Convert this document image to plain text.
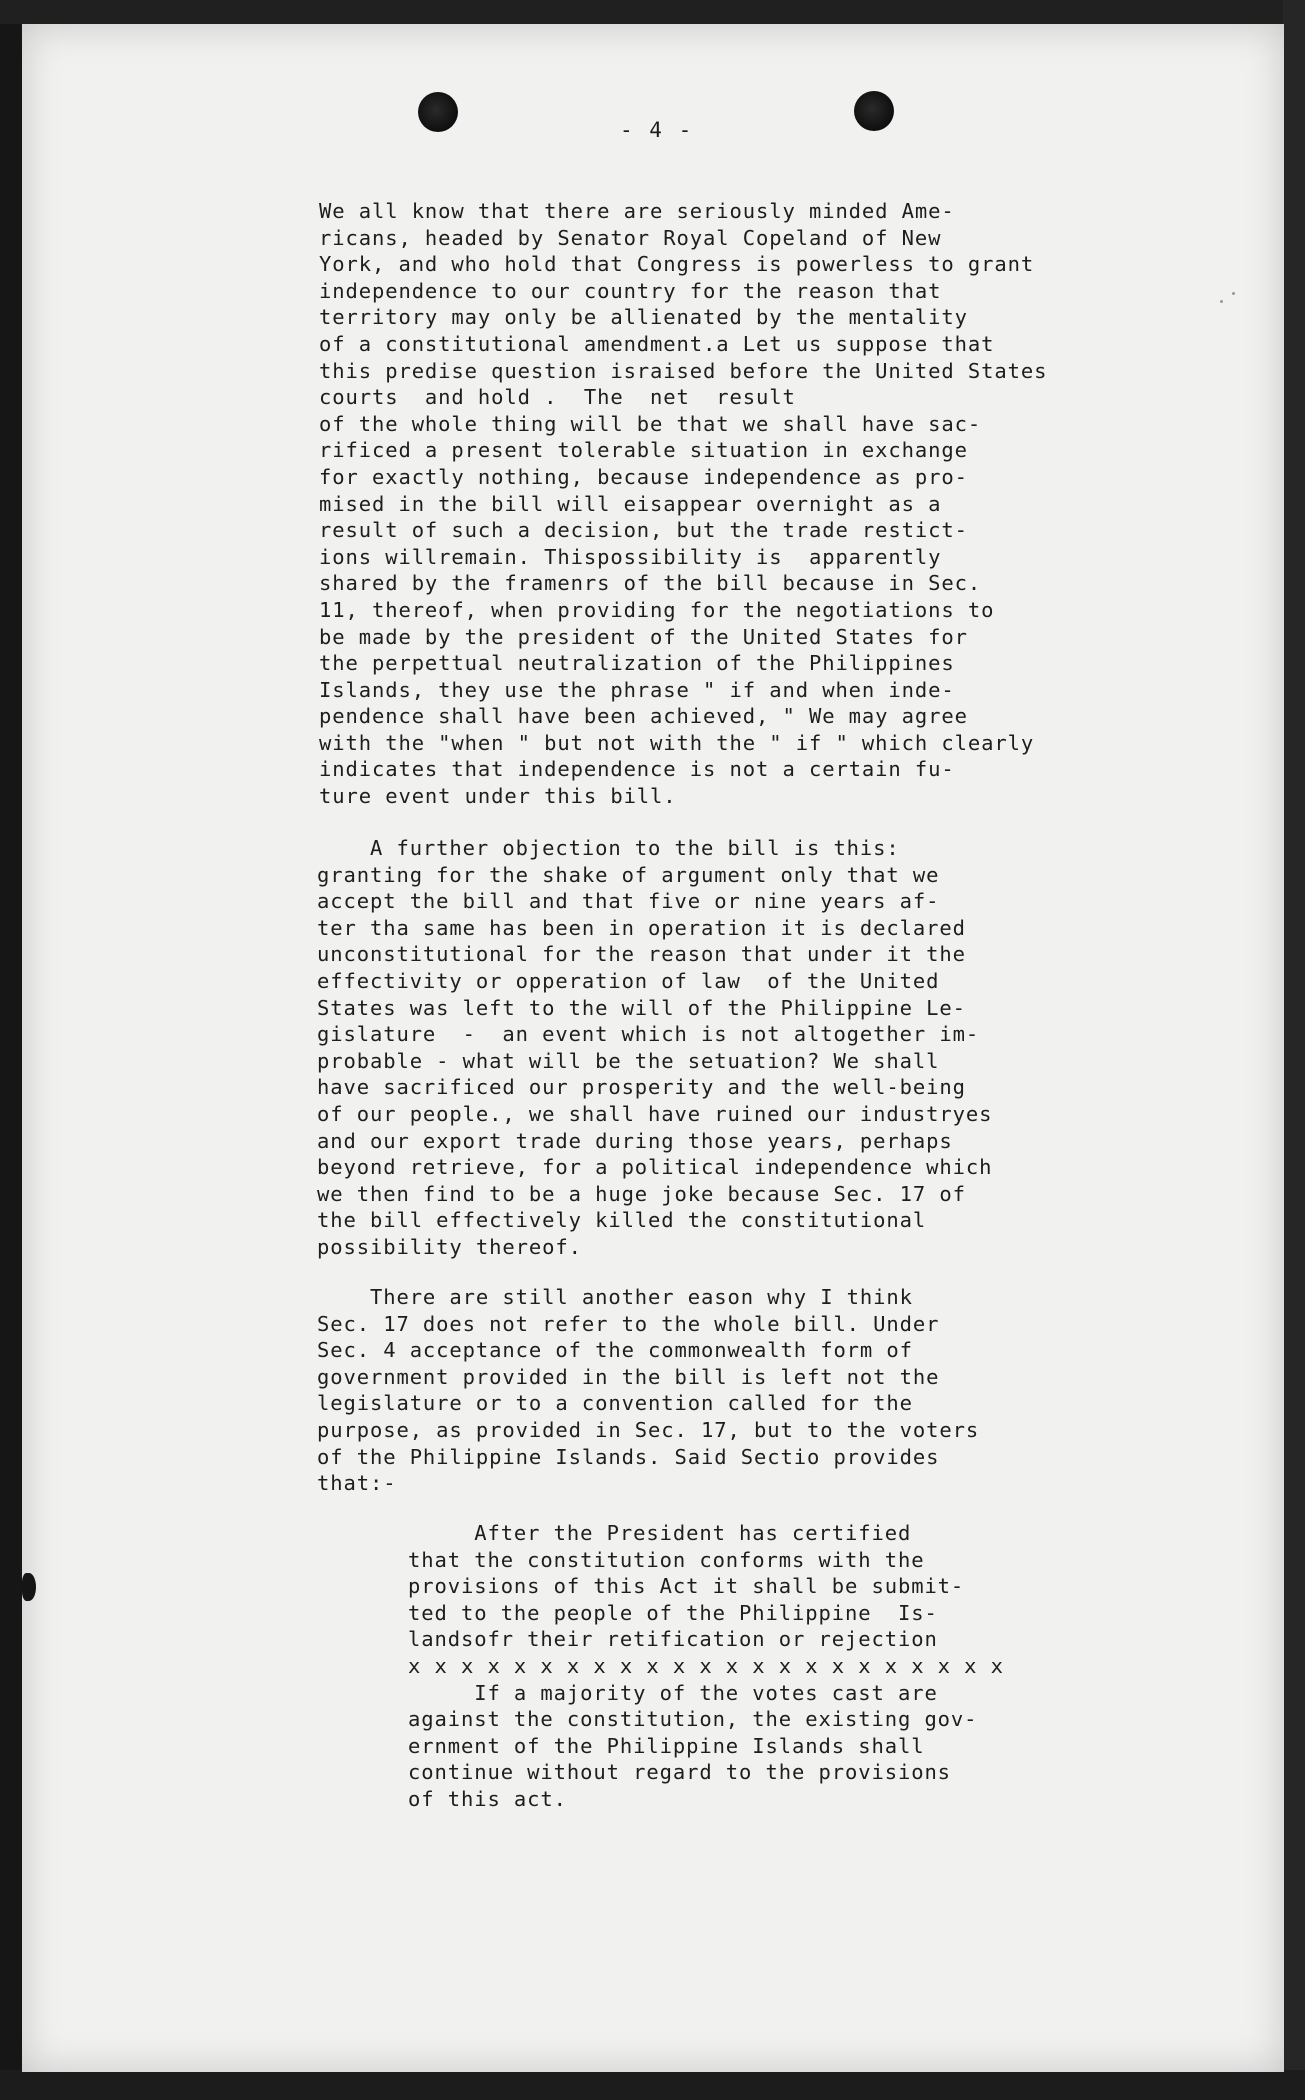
- 4 -
We all know that there are seriously minded Ame-
ricans, headed by Senator Royal Copeland of New
York, and who hold that Congress is powerless to grant
independence to our country for the reason that
territory may only be allienated by the mentality
of a constitutional amendment.a Let us suppose that
this predise question israised before the United States
courts  and hold .  The  net  result
of the whole thing will be that we shall have sac-
rificed a present tolerable situation in exchange
for exactly nothing, because independence as pro-
mised in the bill will eisappear overnight as a
result of such a decision, but the trade restict-
ions willremain. Thispossibility is  apparently
shared by the framenrs of the bill because in Sec.
11, thereof, when providing for the negotiations to
be made by the president of the United States for
the perpettual neutralization of the Philippines
Islands, they use the phrase " if and when inde-
pendence shall have been achieved, " We may agree
with the "when " but not with the " if " which clearly
indicates that independence is not a certain fu-
ture event under this bill.
A further objection to the bill is this:
granting for the shake of argument only that we
accept the bill and that five or nine years af-
ter tha same has been in operation it is declared
unconstitutional for the reason that under it the
effectivity or opperation of law  of the United
States was left to the will of the Philippine Le-
gislature  -  an event which is not altogether im-
probable - what will be the setuation? We shall
have sacrificed our prosperity and the well-being
of our people., we shall have ruined our industryes
and our export trade during those years, perhaps
beyond retrieve, for a political independence which
we then find to be a huge joke because Sec. 17 of
the bill effectively killed the constitutional
possibility thereof.
There are still another eason why I think
Sec. 17 does not refer to the whole bill. Under
Sec. 4 acceptance of the commonwealth form of
government provided in the bill is left not the
legislature or to a convention called for the
purpose, as provided in Sec. 17, but to the voters
of the Philippine Islands. Said Sectio provides
that:-
After the President has certified
that the constitution conforms with the
provisions of this Act it shall be submit-
ted to the people of the Philippine  Is-
landsofr their retification or rejection
x x x x x x x x x x x x x x x x x x x x x x x
If a majority of the votes cast are
against the constitution, the existing gov-
ernment of the Philippine Islands shall
continue without regard to the provisions
of this act.
